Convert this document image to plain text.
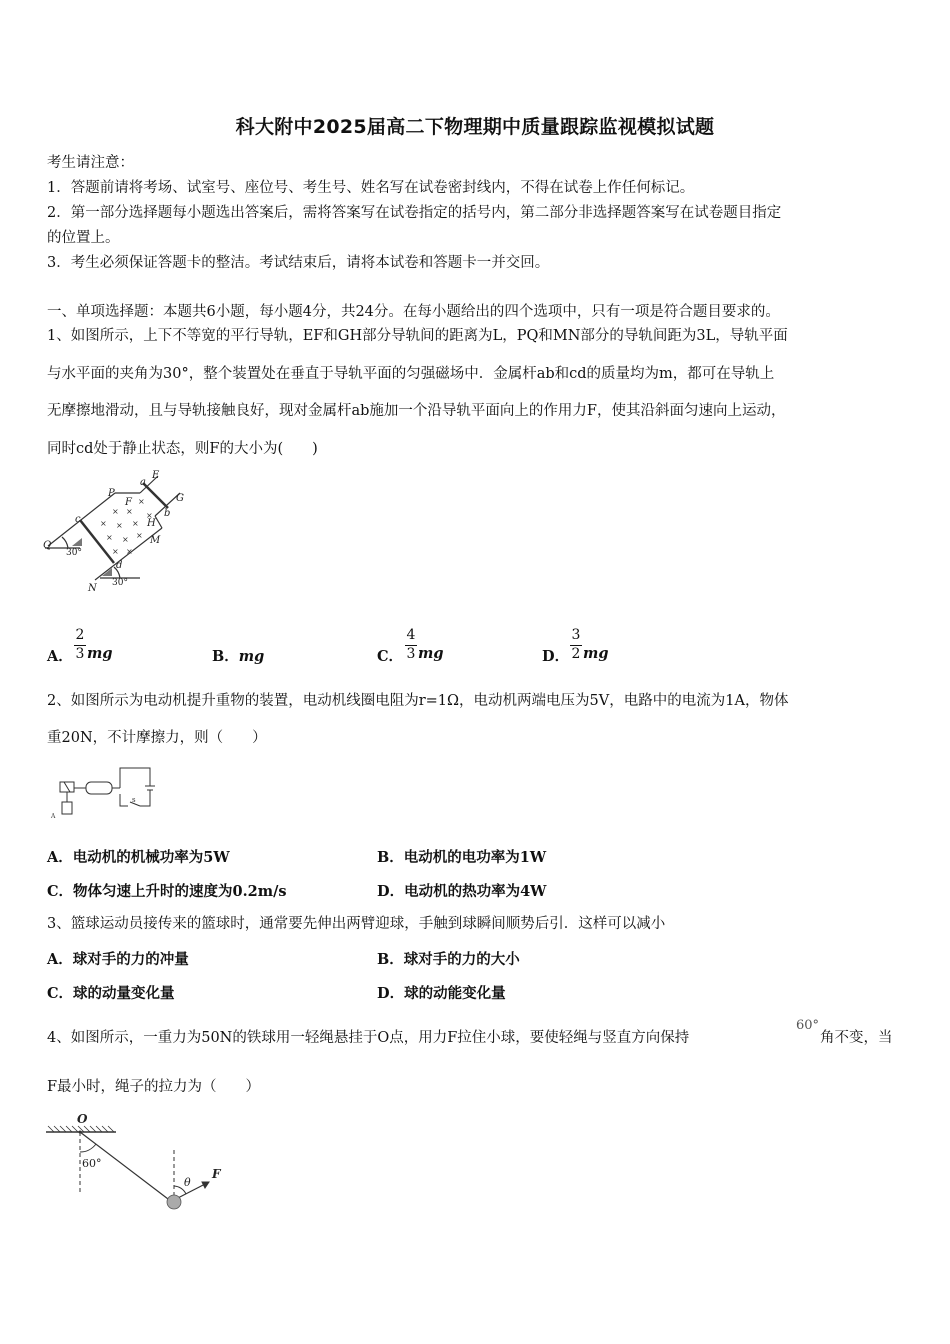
科大附中2025届高二下物理期中质量跟踪监视模拟试题
考生请注意：
1．答题前请将考场、试室号、座位号、考生号、姓名写在试卷密封线内，不得在试卷上作任何标记。
2．第一部分选择题每小题选出答案后，需将答案写在试卷指定的括号内，第二部分非选择题答案写在试卷题目指定
的位置上。
3．考生必须保证答题卡的整洁。考试结束后，请将本试卷和答题卡一并交回。
一、单项选择题：本题共6小题，每小题4分，共24分。在每小题给出的四个选项中，只有一项是符合题目要求的。
1、如图所示，上下不等宽的平行导轨，EF和GH部分导轨间的距离为L，PQ和MN部分的导轨间距为3L，导轨平面
与水平面的夹角为30°，整个装置处在垂直于导轨平面的匀强磁场中．金属杆ab和cd的质量均为m，都可在导轨上
无摩擦地滑动，且与导轨接触良好，现对金属杆ab施加一个沿导轨平面向上的作用力F，使其沿斜面匀速向上运动，
同时cd处于静止状态，则F的大小为(　　)
E
F
P	G
a
b
H
c
M
Q
d
N
30°
30°
× ×
×
× × ×
×
× × ×
× ×
A．
2
3 mg	B．mg	C．
4
3 mg	D．
3
2 mg
2、如图所示为电动机提升重物的装置，电动机线圈电阻为r=1Ω，电动机两端电压为5V，电路中的电流为1A，物体
重20N，不计摩擦力，则（　　）
s
A
A．电动机的机械功率为5W	B．电动机的电功率为1W
C．物体匀速上升时的速度为0.2m/s	D．电动机的热功率为4W
3、篮球运动员接传来的篮球时，通常要先伸出两臂迎球，手触到球瞬间顺势后引．这样可以减小
A．球对手的力的冲量	B．球对手的力的大小
C．球的动量变化量	D．球的动能变化量
4、如图所示，一重力为50N的铁球用一轻绳悬挂于O点，用力F拉住小球，要使轻绳与竖直方向保持
60°
角不变，当
F最小时，绳子的拉力为（　　）
O
60°
θ
F
